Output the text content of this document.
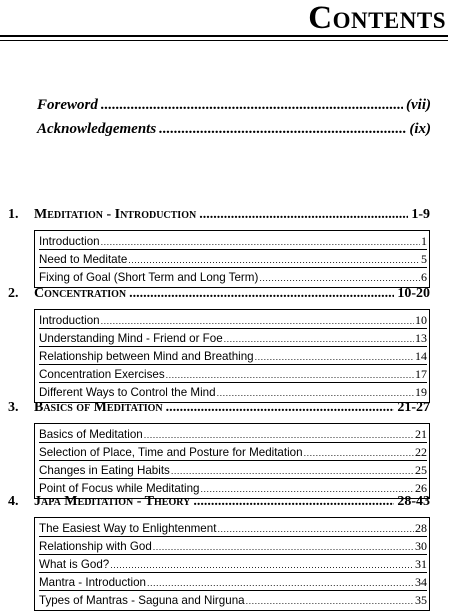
Contents
Foreword .....	(vii)
Acknowledgements .....	(ix)
1.	Meditation - Introduction .....	1-9
Introduction .....	1
Need to Meditate .....	5
Fixing of Goal (Short Term and Long Term) .....	6
2.	Concentration .....	10-20
Introduction .....	10
Understanding Mind - Friend or Foe .....	13
Relationship between Mind and Breathing .....	14
Concentration Exercises .....	17
Different Ways to Control the Mind .....	19
3.	Basics of Meditation .....	21-27
Basics of Meditation .....	21
Selection of Place, Time and Posture for Meditation .....	22
Changes in Eating Habits .....	25
Point of Focus while Meditating .....	26
4.	Japa Meditation - Theory .....	28-43
The Easiest Way to Enlightenment .....	28
Relationship with God .....	30
What is God? .....	31
Mantra - Introduction .....	34
Types of Mantras - Saguna and Nirguna .....	35
